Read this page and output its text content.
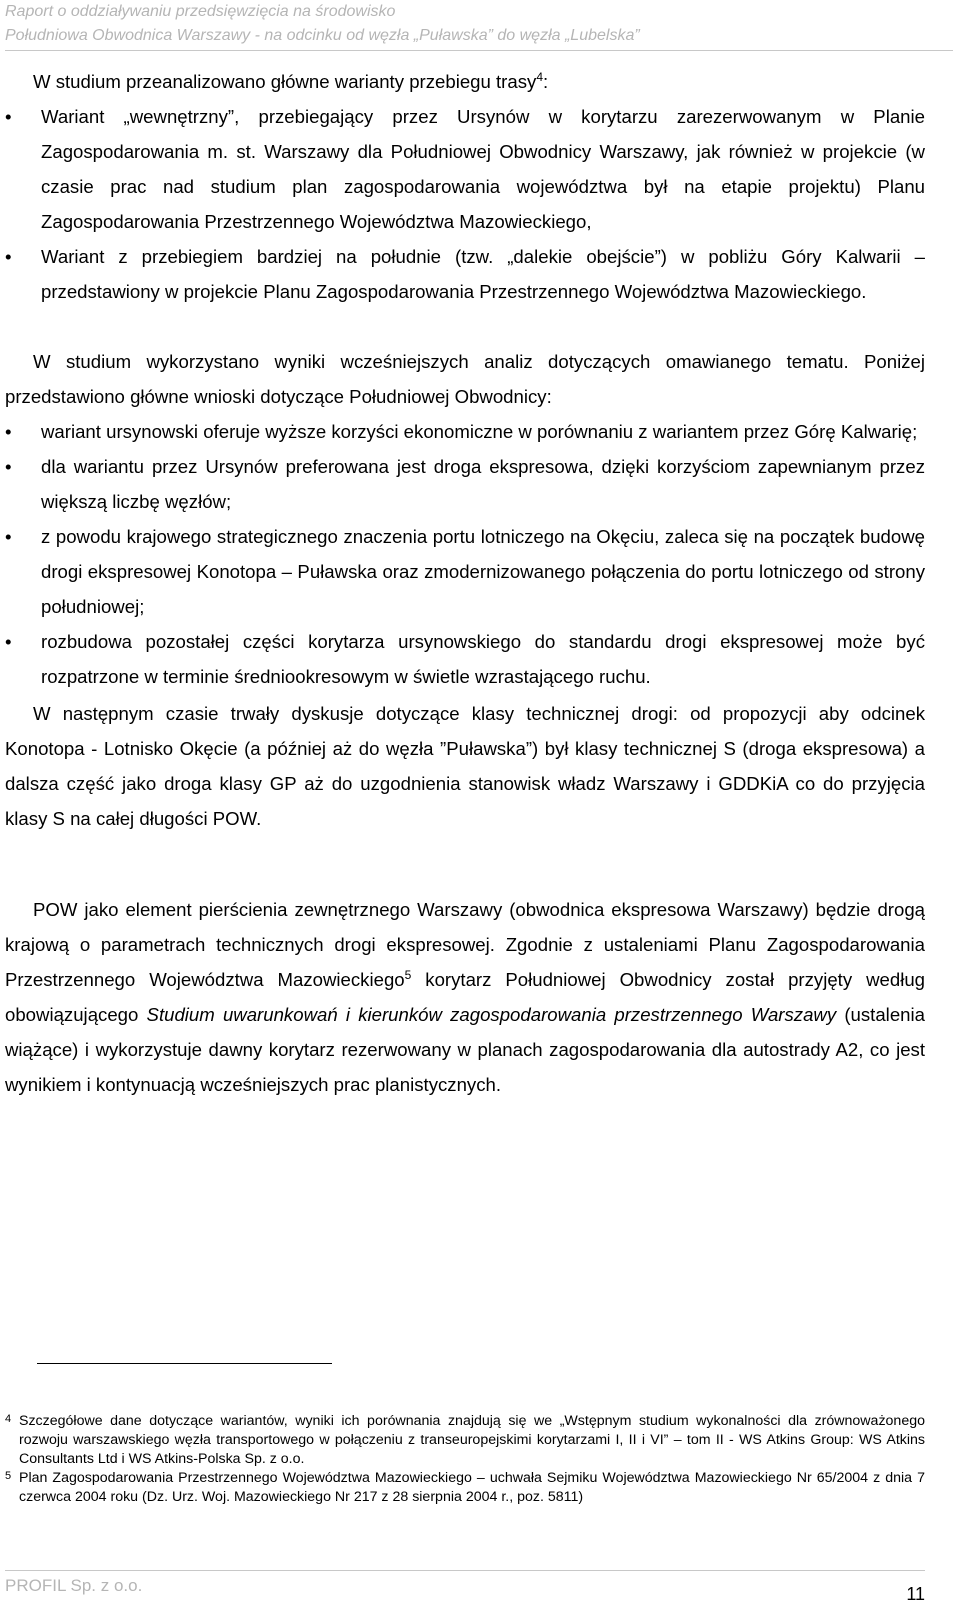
Raport o oddziaływaniu przedsięwzięcia na środowisko
Południowa Obwodnica Warszawy - na odcinku od węzła „Puławska” do węzła „Lubelska”

W studium przeanalizowano główne warianty przebiegu trasy$^4$:

• Wariant „wewnętrzny”, przebiegający przez Ursynów w korytarzu zarezerwowanym w Planie Zagospodarowania m. st. Warszawy dla Południowej Obwodnicy Warszawy, jak również w projekcie (w czasie prac nad studium plan zagospodarowania województwa był na etapie projektu) Planu Zagospodarowania Przestrzennego Województwa Mazowieckiego,
• Wariant z przebiegiem bardziej na południe (tzw. „dalekie obejście”) w pobliżu Góry Kalwarii – przedstawiony w projekcie Planu Zagospodarowania Przestrzennego Województwa Mazowieckiego.

W studium wykorzystano wyniki wcześniejszych analiz dotyczących omawianego tematu. Poniżej przedstawiono główne wnioski dotyczące Południowej Obwodnicy:

• wariant ursynowski oferuje wyższe korzyści ekonomiczne w porównaniu z wariantem przez Górę Kalwarię;
• dla wariantu przez Ursynów preferowana jest droga ekspresowa, dzięki korzyściom zapewnianym przez większą liczbę węzłów;
• z powodu krajowego strategicznego znaczenia portu lotniczego na Okęciu, zaleca się na początek budowę drogi ekspresowej Konotopa – Puławska oraz zmodernizowanego połączenia do portu lotniczego od strony południowej;
• rozbudowa pozostałej części korytarza ursynowskiego do standardu drogi ekspresowej może być rozpatrzone w terminie średniookresowym w świetle wzrastającego ruchu.

W następnym czasie trwały dyskusje dotyczące klasy technicznej drogi: od propozycji aby odcinek Konotopa - Lotnisko Okęcie (a później aż do węzła ”Puławska”) był klasy technicznej S (droga ekspresowa) a dalsza część jako droga klasy GP aż do uzgodnienia stanowisk władz Warszawy i GDDKiA co do przyjęcia klasy S na całej długości POW.

POW jako element pierścienia zewnętrznego Warszawy (obwodnica ekspresowa Warszawy) będzie drogą krajową o parametrach technicznych drogi ekspresowej. Zgodnie z ustaleniami Planu Zagospodarowania Przestrzennego Województwa Mazowieckiego$^5$ korytarz Południowej Obwodnicy został przyjęty według obowiązującego Studium uwarunkowań i kierunków zagospodarowania przestrzennego Warszawy (ustalenia wiążące) i wykorzystuje dawny korytarz rezerwowany w planach zagospodarowania dla autostrady A2, co jest wynikiem i kontynuacją wcześniejszych prac planistycznych.

4 Szczegółowe dane dotyczące wariantów, wyniki ich porównania znajdują się we „Wstępnym studium wykonalności dla zrównoważonego rozwoju warszawskiego węzła transportowego w połączeniu z transeuropejskimi korytarzami I, II i VI” – tom II - WS Atkins Group: WS Atkins Consultants Ltd i WS Atkins-Polska Sp. z o.o.
5 Plan Zagospodarowania Przestrzennego Województwa Mazowieckiego – uchwała Sejmiku Województwa Mazowieckiego Nr 65/2004 z dnia 7 czerwca 2004 roku (Dz. Urz. Woj. Mazowieckiego Nr 217 z 28 sierpnia 2004 r., poz. 5811)
PROFIL Sp. z o.o.	11
